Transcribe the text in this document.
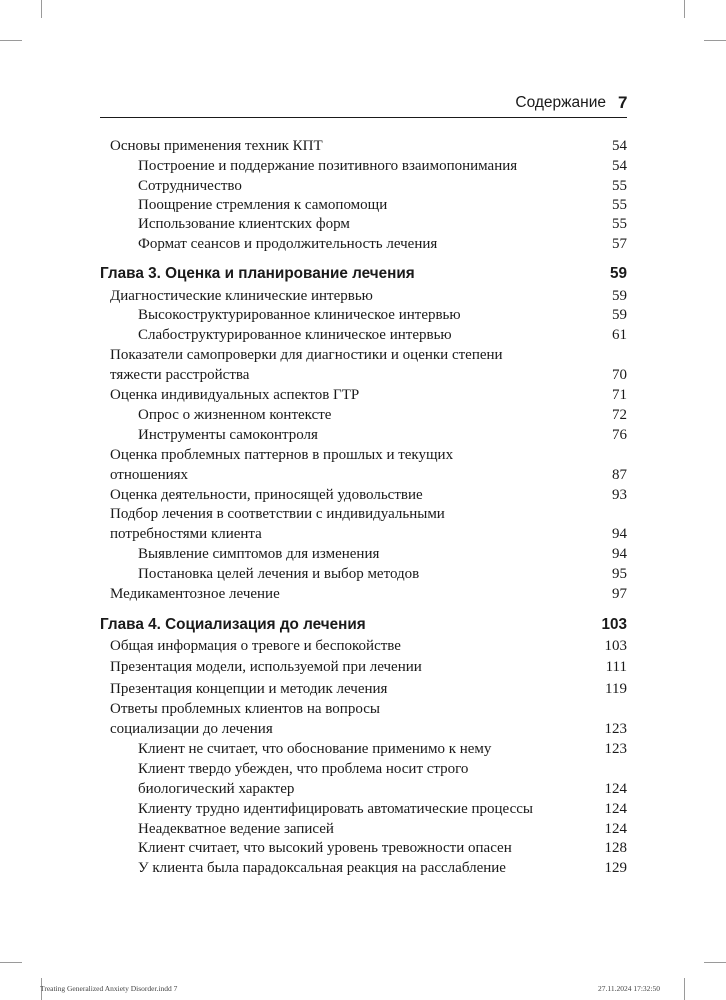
Содержание 7
Основы применения техник КПТ	54
Построение и поддержание позитивного взаимопонимания	54
Сотрудничество	55
Поощрение стремления к самопомощи	55
Использование клиентских форм	55
Формат сеансов и продолжительность лечения	57
Глава 3. Оценка и планирование лечения	59
Диагностические клинические интервью	59
Высокоструктурированное клиническое интервью	59
Слабоструктурированное клиническое интервью	61
Показатели самопроверки для диагностики и оценки степени
тяжести расстройства	70
Оценка индивидуальных аспектов ГТР	71
Опрос о жизненном контексте	72
Инструменты самоконтроля	76
Оценка проблемных паттернов в прошлых и текущих
отношениях	87
Оценка деятельности, приносящей удовольствие	93
Подбор лечения в соответствии с индивидуальными
потребностями клиента	94
Выявление симптомов для изменения	94
Постановка целей лечения и выбор методов	95
Медикаментозное лечение	97
Глава 4. Социализация до лечения	103
Общая информация о тревоге и беспокойстве	103
Презентация модели, используемой при лечении	111
Презентация концепции и методик лечения	119
Ответы проблемных клиентов на вопросы
социализации до лечения	123
Клиент не считает, что обоснование применимо к нему	123
Клиент твердо убежден, что проблема носит строго
биологический характер	124
Клиенту трудно идентифицировать автоматические процессы	124
Неадекватное ведение записей	124
Клиент считает, что высокий уровень тревожности опасен	128
У клиента была парадоксальная реакция на расслабление	129
Treating Generalized Anxiety Disorder.indd 7	27.11.2024 17:32:50
